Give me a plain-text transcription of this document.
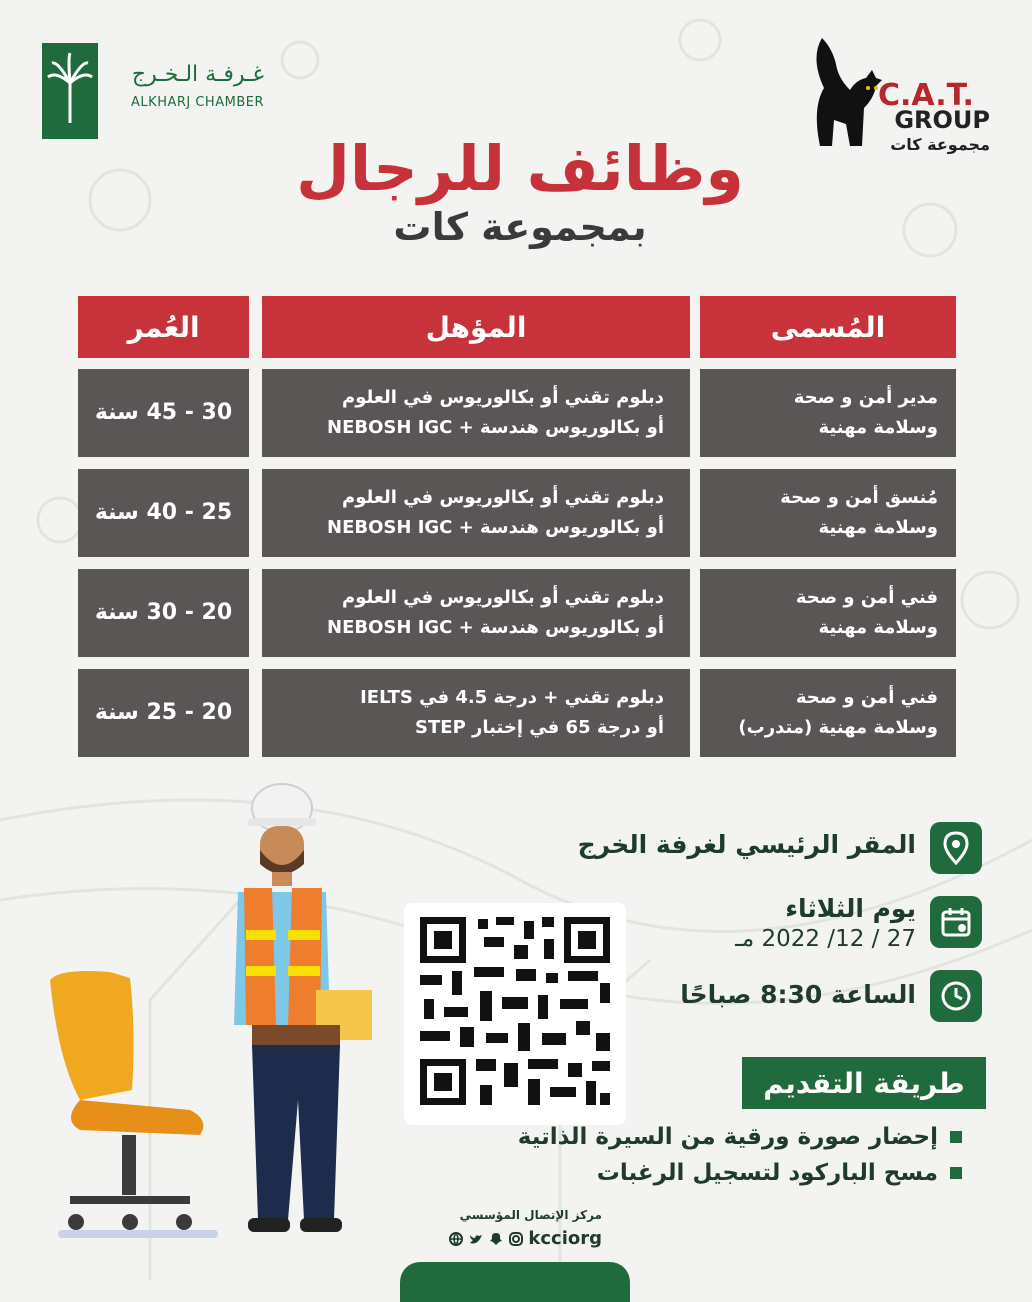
غـرفـة الـخـرج
ALKHARJ CHAMBER	C.A.T.
GROUP
مجموعة كات
وظائف للرجال
بمجموعة كات
المُسمى
المؤهل
العُمر
مدير أمن و صحة
وسلامة مهنية
دبلوم تقني أو بكالوريوس في العلوم
أو بكالوريوس هندسة + NEBOSH IGC
30 - 45 سنة
مُنسق أمن و صحة
وسلامة مهنية
دبلوم تقني أو بكالوريوس في العلوم
أو بكالوريوس هندسة + NEBOSH IGC
25 - 40 سنة
فني أمن و صحة
وسلامة مهنية
دبلوم تقني أو بكالوريوس في العلوم
أو بكالوريوس هندسة + NEBOSH IGC
20 - 30 سنة
فني أمن و صحة
وسلامة مهنية (متدرب)
دبلوم تقني + درجة 4.5 في IELTS
أو درجة 65 في إختبار STEP
20 - 25 سنة
المقر الرئيسي لغرفة الخرج
يوم الثلاثاء
27 / 12/ 2022 مـ
الساعة 8:30 صباحًا
طريقة التقديم
إحضار صورة ورقية من السيرة الذاتية
مسح الباركود لتسجيل الرغبات
مركز الإتصال المؤسسي
kcciorg
